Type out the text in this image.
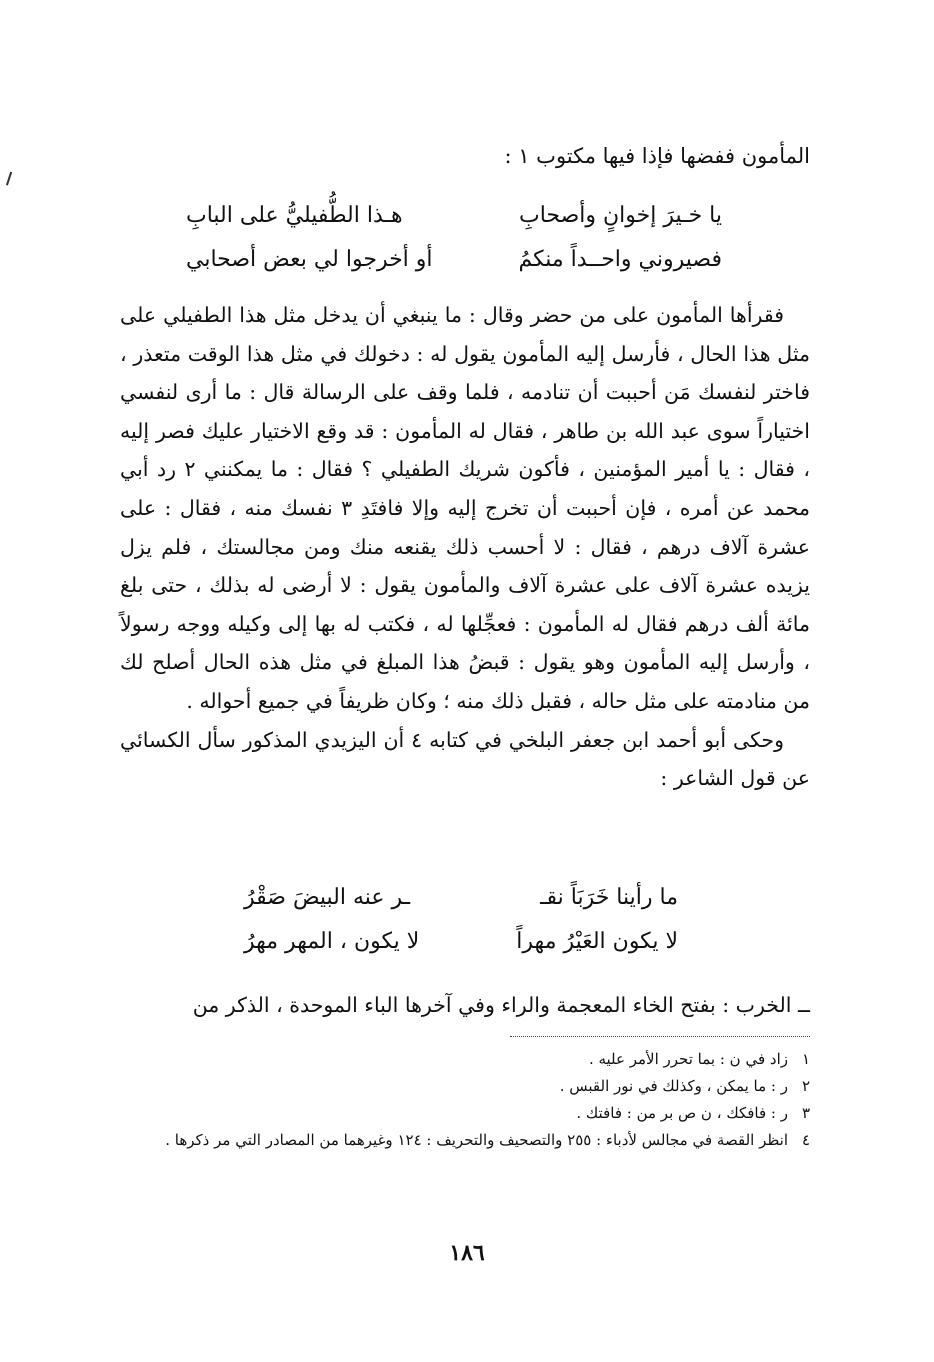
المأمون ففضها فإذا فيها مكتوب ١ :
يا خـيرَ إخوانٍ وأصحابِ
هـذا الطُّفيليُّ على البابِ
فصيروني واحــداً منكمُ
أو أخرجوا لي بعض أصحابي

فقرأها المأمون على من حضر وقال : ما ينبغي أن يدخل مثل هذا الطفيلي على مثل هذا الحال ، فأرسل إليه المأمون يقول له : دخولك في مثل هذا الوقت متعذر ، فاختر لنفسك مَن أحببت أن تنادمه ، فلما وقف على الرسالة قال : ما أرى لنفسي اختياراً سوى عبد الله بن طاهر ، فقال له المأمون : قد وقع الاختيار عليك فصر إليه ، فقال : يا أمير المؤمنين ، فأكون شريك الطفيلي ؟ فقال : ما يمكنني ٢ رد أبي محمد عن أمره ، فإن أحببت أن تخرج إليه وإلا فافتَدِ ٣ نفسك منه ، فقال : على عشرة آلاف درهم ، فقال : لا أحسب ذلك يقنعه منك ومن مجالستك ، فلم يزل يزيده عشرة آلاف على عشرة آلاف والمأمون يقول : لا أرضى له بذلك ، حتى بلغ مائة ألف درهم فقال له المأمون : فعجِّلها له ، فكتب له بها إلى وكيله ووجه رسولاً ، وأرسل إليه المأمون وهو يقول : قبضُ هذا المبلغ في مثل هذه الحال أصلح لك من منادمته على مثل حاله ، فقبل ذلك منه ؛ وكان ظريفاً في جميع أحواله .

وحكى أبو أحمد ابن جعفر البلخي في كتابه ٤ أن اليزيدي المذكور سأل الكسائي عن قول الشاعر :

ما رأينا خَرَبَاً نقـ
ـر عنه البيضَ صَقْرُ
لا يكون العَيْرُ مهراً
لا يكون ، المهر مهرُ
ــ الخرب : بفتح الخاء المعجمة والراء وفي آخرها الباء الموحدة ، الذكر من
١
زاد في ن : بما تحرر الأمر عليه .
٢
ر : ما يمكن ، وكذلك في نور القبس .
٣
ر : فافكك ، ن ص بر من : فافتك .
٤
انظر القصة في مجالس لأدباء : ٢٥٥ والتصحيف والتحريف : ١٢٤ وغيرهما من المصادر التي مر ذكرها .
١٨٦
